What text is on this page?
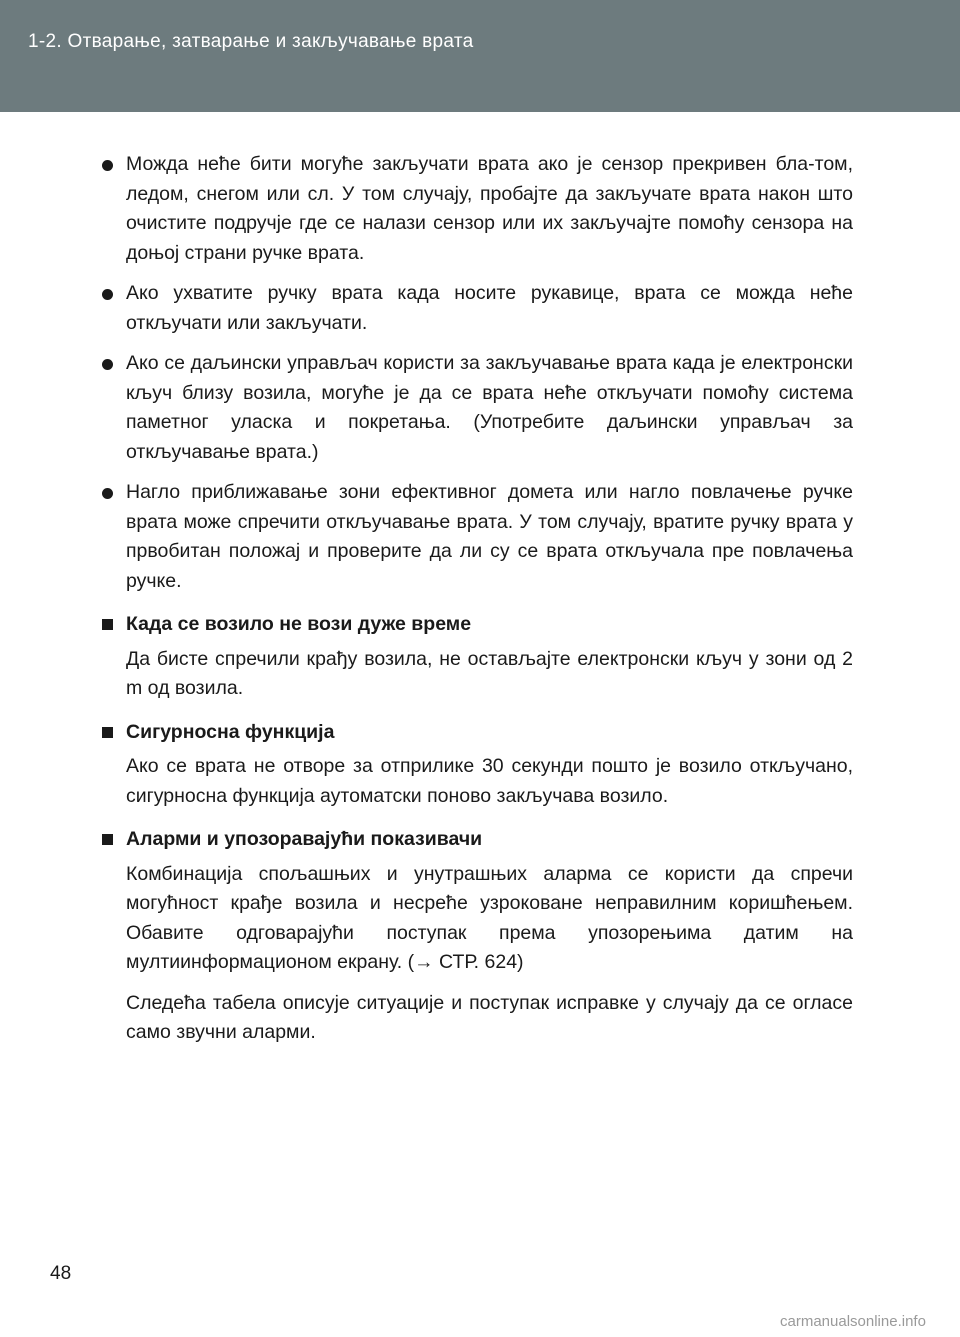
1-2. Отварање, затварање и закључавање врата
Можда неће бити могуће закључати врата ако је сензор прекривен бла-том, ледом, снегом или сл. У том случају, пробајте да закључате врата након што очистите подручје где се налази сензор или их закључајте помоћу сензора на доњој страни ручке врата.
Ако ухватите ручку врата када носите рукавице, врата се можда неће откључати или закључати.
Ако се даљински управљач користи за закључавање врата када је електронски кључ близу возила, могуће је да се врата неће откључати помоћу система паметног уласка и покретања. (Употребите даљински управљач за откључавање врата.)
Нагло приближавање зони ефективног домета или нагло повлачење ручке врата може спречити откључавање врата. У том случају, вратите ручку врата у првобитан положај и проверите да ли су се врата откључала пре повлачења ручке.
Када се возило не вози дуже време
Да бисте спречили крађу возила, не остављајте електронски кључ у зони од 2 m од возила.
Сигурносна функција
Ако се врата не отворе за отприлике 30 секунди пошто је возило откључано, сигурносна функција аутоматски поново закључава возило.
Аларми и упозоравајући показивачи
Комбинација спољашњих и унутрашњих аларма се користи да спречи могућност крађе возила и несреће узроковане неправилним коришћењем. Обавите одговарајући поступак према упозорењима датим на мултиинформационом екрану. (→ СТР. 624)
Следећа табела описује ситуације и поступак исправке у случају да се огласе само звучни аларми.
48
carmanualsonline.info
